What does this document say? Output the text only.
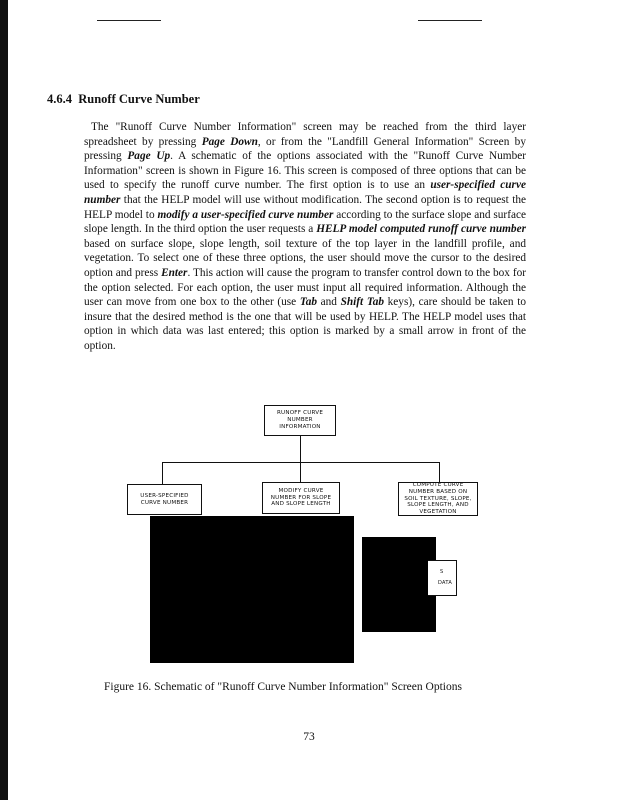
4.6.4 Runoff Curve Number
The "Runoff Curve Number Information" screen may be reached from the third layer spreadsheet by pressing Page Down, or from the "Landfill General Information" Screen by pressing Page Up. A schematic of the options associated with the "Runoff Curve Number Information" screen is shown in Figure 16. This screen is composed of three options that can be used to specify the runoff curve number. The first option is to use an user-specified curve number that the HELP model will use without modification. The second option is to request the HELP model to modify a user-specified curve number according to the surface slope and surface slope length. In the third option the user requests a HELP model computed runoff curve number based on surface slope, slope length, soil texture of the top layer in the landfill profile, and vegetation. To select one of these three options, the user should move the cursor to the desired option and press Enter. This action will cause the program to transfer control down to the box for the option selected. For each option, the user must input all required information. Although the user can move from one box to the other (use Tab and Shift Tab keys), care should be taken to insure that the desired method is the one that will be used by HELP. The HELP model uses that option in which data was last entered; this option is marked by a small arrow in front of the option.
RUNOFF CURVE NUMBER INFORMATION
USER-SPECIFIED CURVE NUMBER
MODIFY CURVE NUMBER FOR SLOPE AND SLOPE LENGTH
COMPUTE CURVE NUMBER BASED ON SOIL TEXTURE, SLOPE, SLOPE LENGTH, AND VEGETATION
S
DATA
Figure 16. Schematic of "Runoff Curve Number Information" Screen Options
73
